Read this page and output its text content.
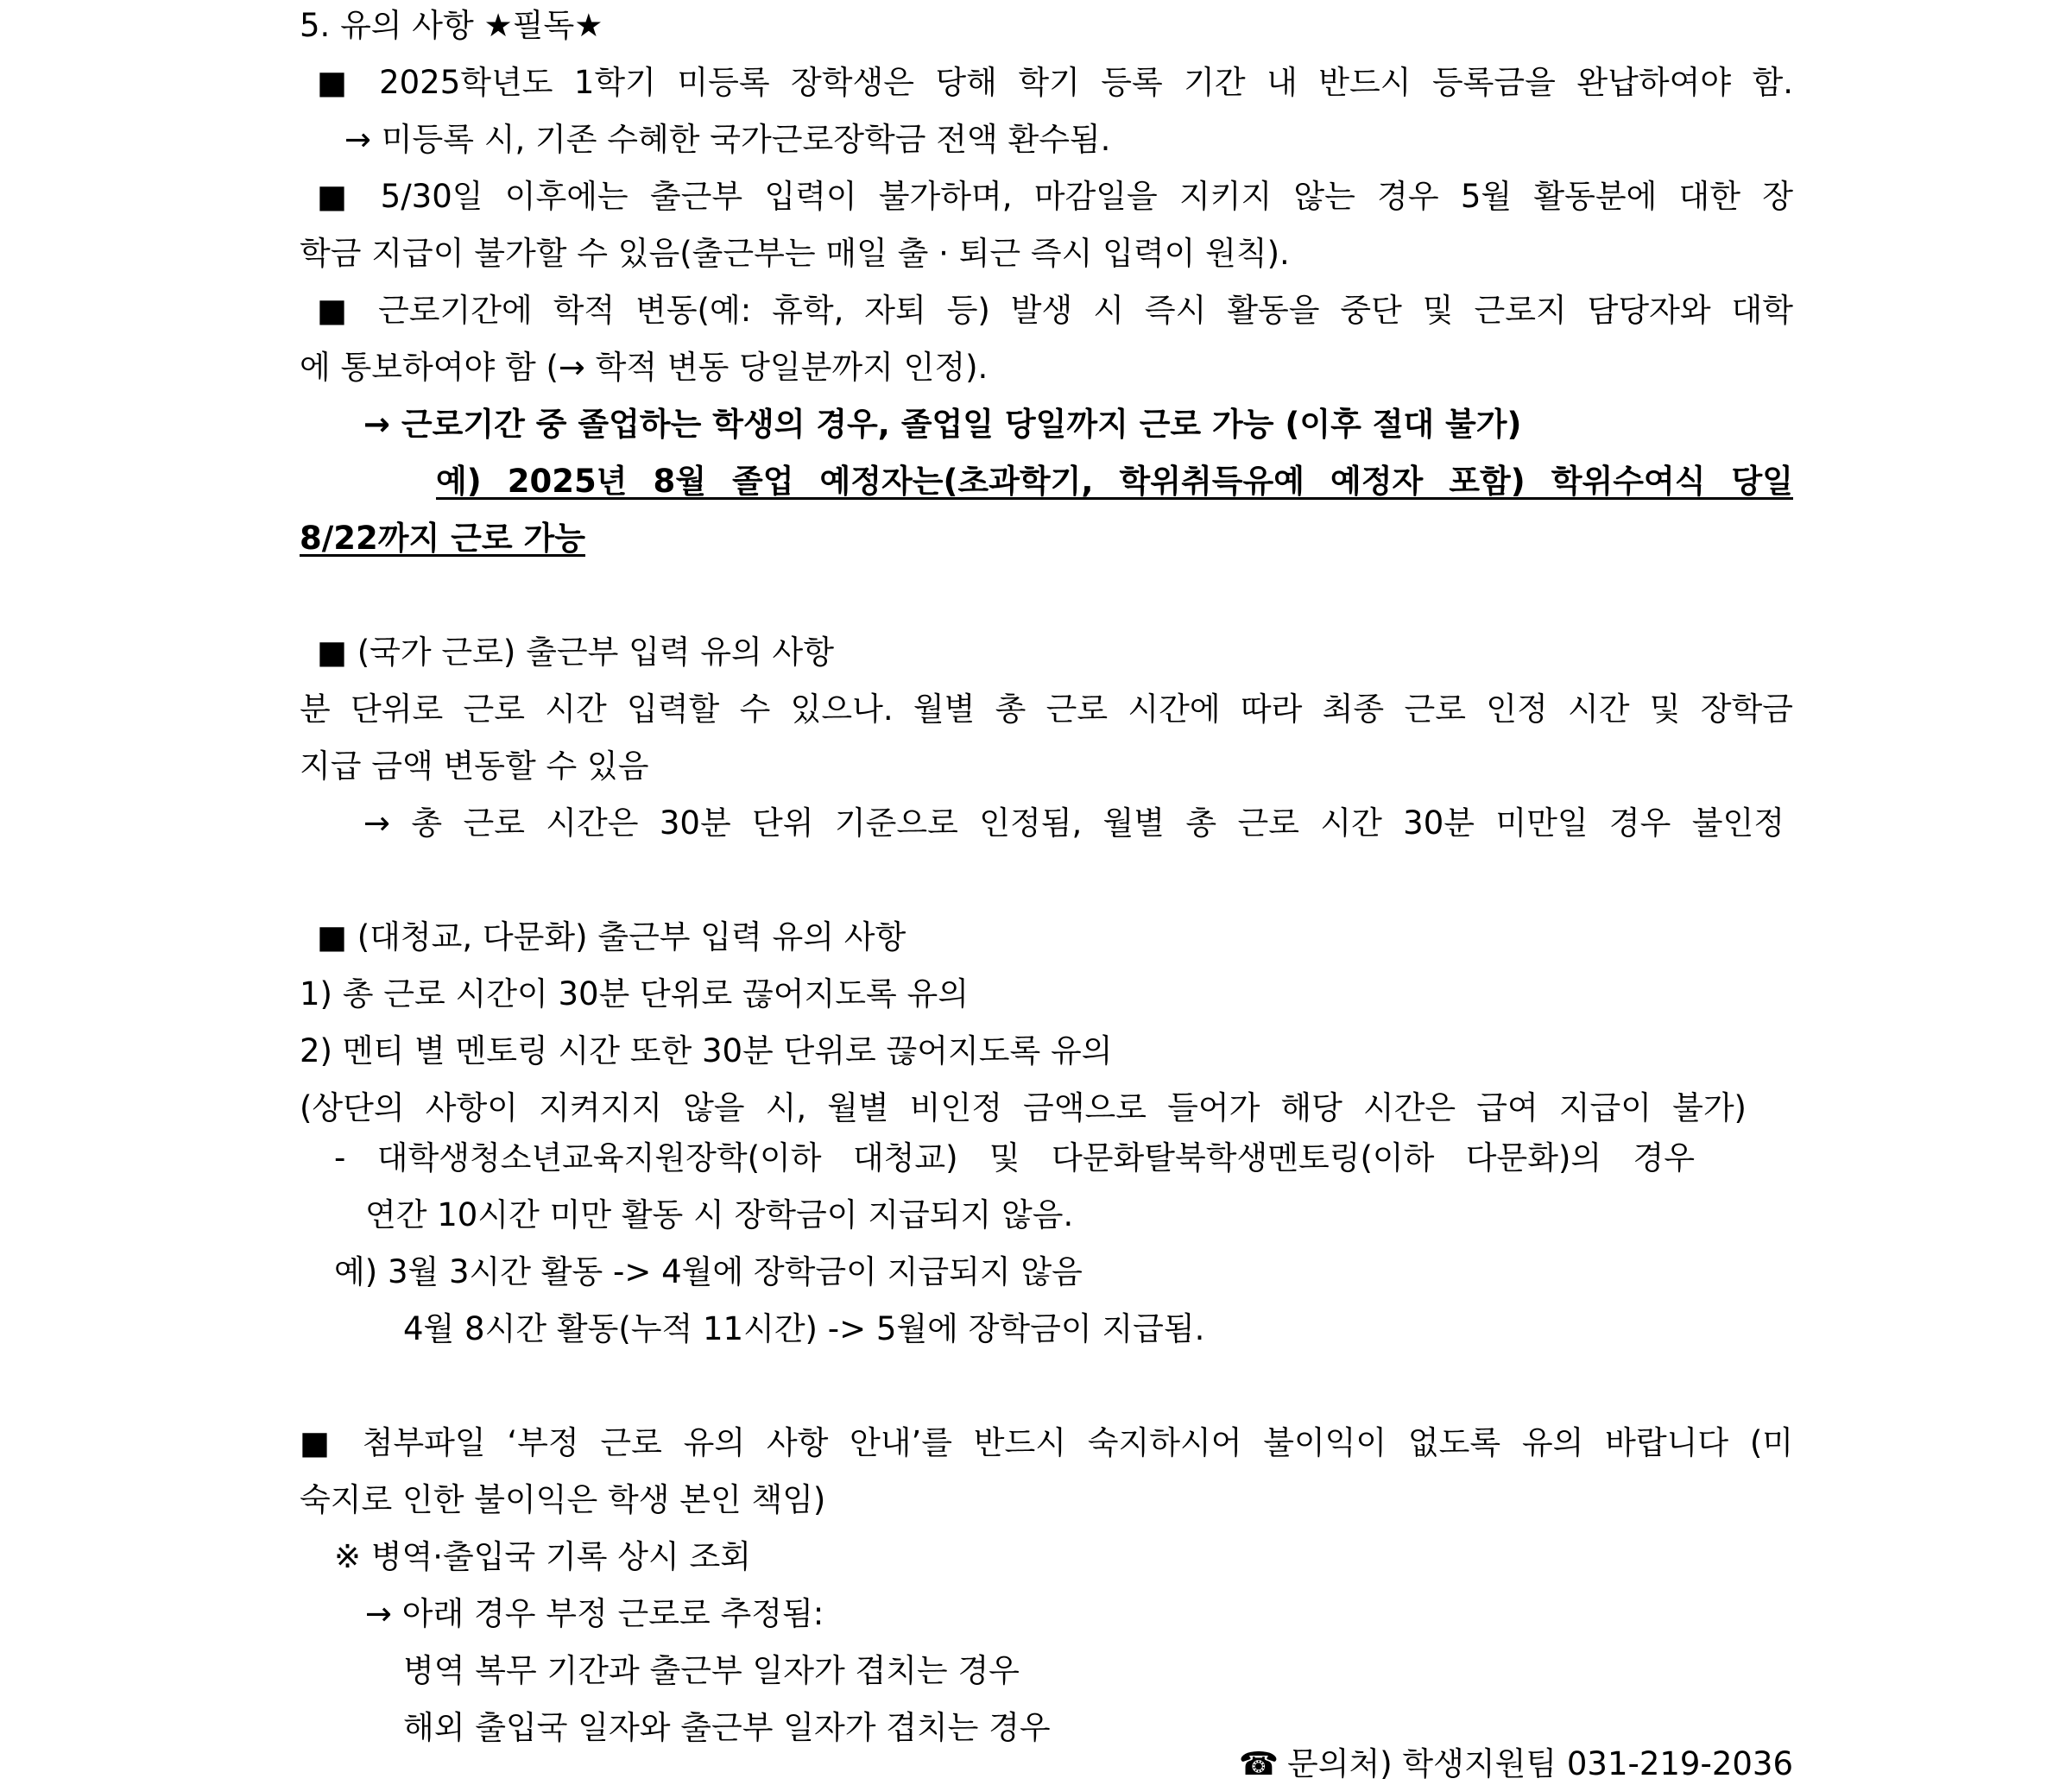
5. 유의 사항 ★필독★
■ 2025학년도 1학기 미등록 장학생은 당해 학기 등록 기간 내 반드시 등록금을 완납하여야 함.
→ 미등록 시, 기존 수혜한 국가근로장학금 전액 환수됨.
■ 5/30일 이후에는 출근부 입력이 불가하며, 마감일을 지키지 않는 경우 5월 활동분에 대한 장
학금 지급이 불가할 수 있음(출근부는 매일 출 · 퇴근 즉시 입력이 원칙).
■ 근로기간에 학적 변동(예: 휴학, 자퇴 등) 발생 시 즉시 활동을 중단 및 근로지 담당자와 대학
에 통보하여야 함 (→ 학적 변동 당일분까지 인정).
→ 근로기간 중 졸업하는 학생의 경우, 졸업일 당일까지 근로 가능 (이후 절대 불가)
예) 2025년 8월 졸업 예정자는(초과학기, 학위취득유예 예정자 포함) 학위수여식 당일
8/22까지 근로 가능
■ (국가 근로) 출근부 입력 유의 사항
분 단위로 근로 시간 입력할 수 있으나. 월별 총 근로 시간에 따라 최종 근로 인정 시간 및 장학금
지급 금액 변동할 수 있음
→ 총 근로 시간은 30분 단위 기준으로 인정됨, 월별 총 근로 시간 30분 미만일 경우 불인정
■ (대청교, 다문화) 출근부 입력 유의 사항
1) 총 근로 시간이 30분 단위로 끊어지도록 유의
2) 멘티 별 멘토링 시간 또한 30분 단위로 끊어지도록 유의
(상단의 사항이 지켜지지 않을 시, 월별 비인정 금액으로 들어가 해당 시간은 급여 지급이 불가)
- 대학생청소년교육지원장학(이하 대청교) 및 다문화탈북학생멘토링(이하 다문화)의 경우
연간 10시간 미만 활동 시 장학금이 지급되지 않음.
예) 3월 3시간 활동 -> 4월에 장학금이 지급되지 않음
4월 8시간 활동(누적 11시간) -> 5월에 장학금이 지급됨.
■ 첨부파일 ‘부정 근로 유의 사항 안내’를 반드시 숙지하시어 불이익이 없도록 유의 바랍니다 (미
숙지로 인한 불이익은 학생 본인 책임)
※ 병역·출입국 기록 상시 조회
→ 아래 경우 부정 근로로 추정됨:
병역 복무 기간과 출근부 일자가 겹치는 경우
해외 출입국 일자와 출근부 일자가 겹치는 경우
☎ 문의처) 학생지원팀 031-219-2036
